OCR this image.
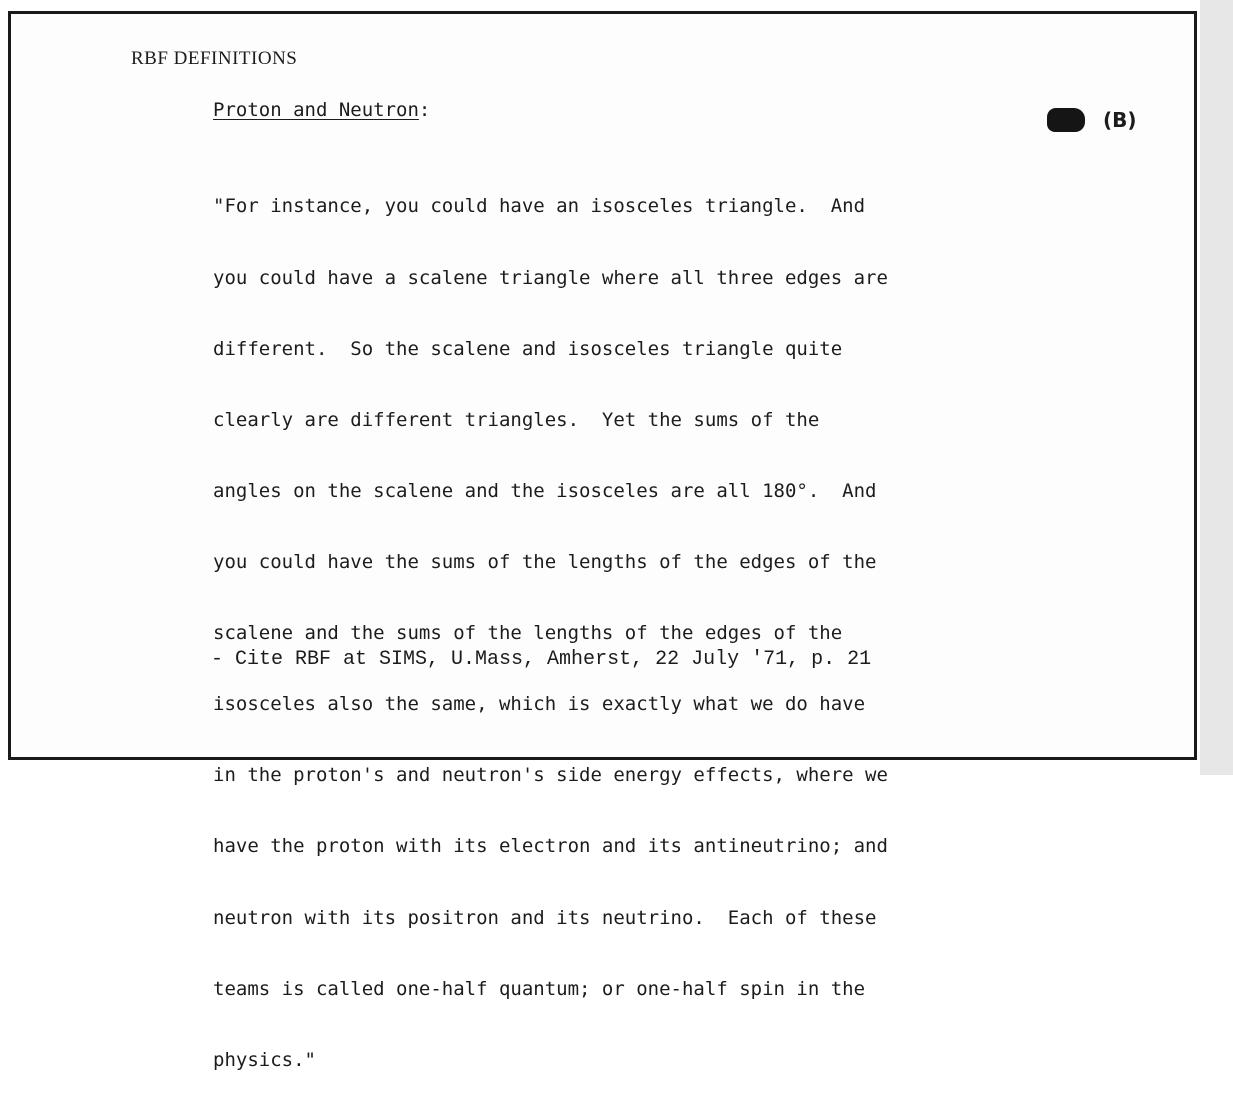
RBF DEFINITIONS
Proton and Neutron:	(B)

"For instance, you could have an isosceles triangle.  And

you could have a scalene triangle where all three edges are

different.  So the scalene and isosceles triangle quite

clearly are different triangles.  Yet the sums of the

angles on the scalene and the isosceles are all 180°.  And

you could have the sums of the lengths of the edges of the

scalene and the sums of the lengths of the edges of the

isosceles also the same, which is exactly what we do have

in the proton's and neutron's side energy effects, where we

have the proton with its electron and its antineutrino; and

neutron with its positron and its neutrino.  Each of these

teams is called one-half quantum; or one-half spin in the

physics."

- Cite RBF at SIMS, U.Mass, Amherst, 22 July '71, p. 21
